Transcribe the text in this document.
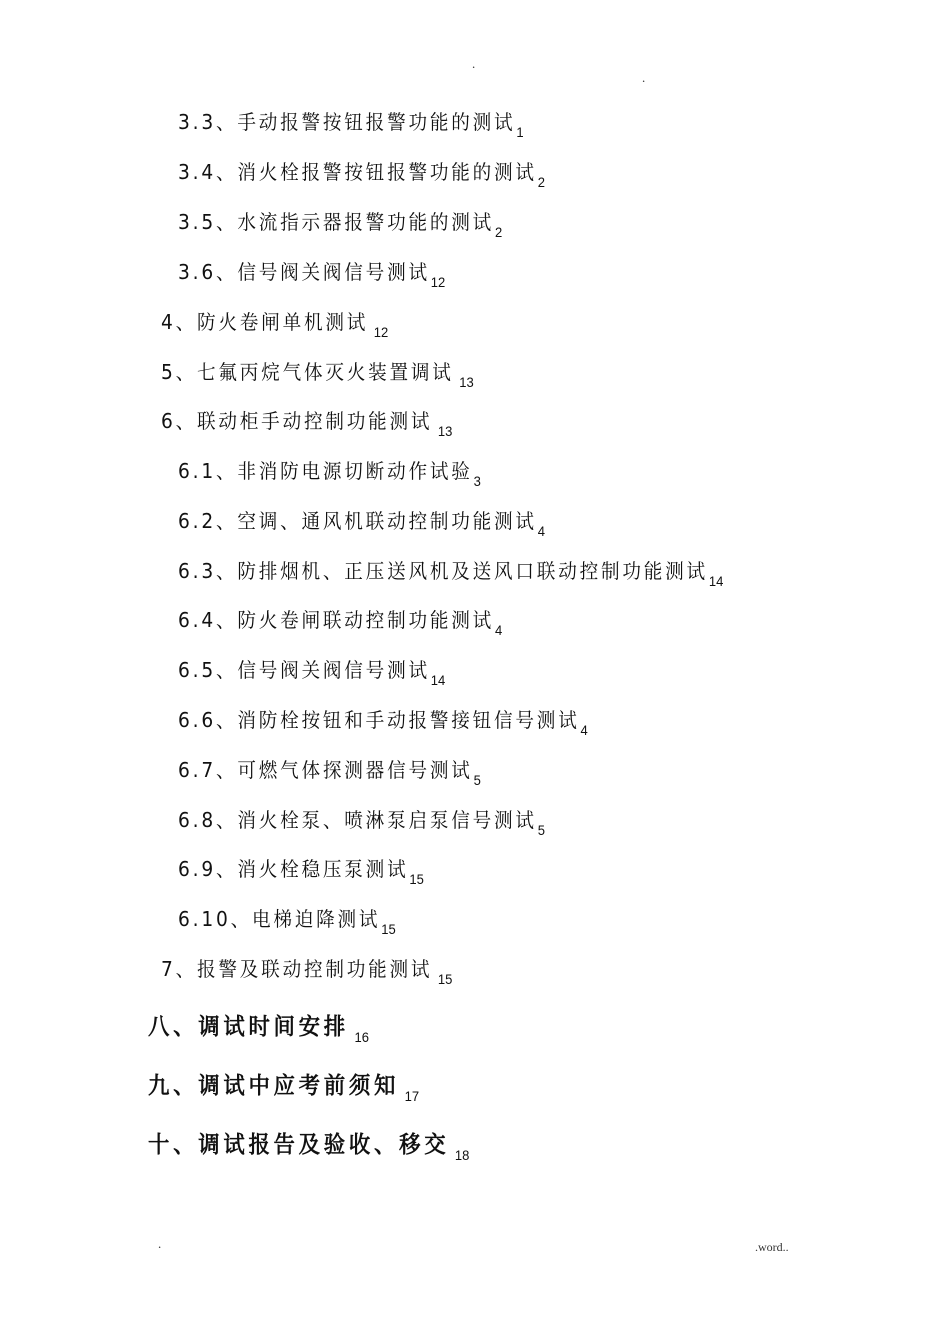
.
.
3.3、手动报警按钮报警功能的测试$_1$
3.4、消火栓报警按钮报警功能的测试$_2$
3.5、水流指示器报警功能的测试$_2$
3.6、信号阀关阀信号测试$_{12}$
4、防火卷闸单机测试 $_{12}$
5、七氟丙烷气体灭火装置调试 $_{13}$
6、联动柜手动控制功能测试 $_{13}$
6.1、非消防电源切断动作试验$_3$
6.2、空调、通风机联动控制功能测试$_4$
6.3、防排烟机、正压送风机及送风口联动控制功能测试$_{14}$
6.4、防火卷闸联动控制功能测试$_4$
6.5、信号阀关阀信号测试$_{14}$
6.6、消防栓按钮和手动报警接钮信号测试$_4$
6.7、可燃气体探测器信号测试$_5$
6.8、消火栓泵、喷淋泵启泵信号测试$_5$
6.9、消火栓稳压泵测试$_{15}$
6.10、电梯迫降测试$_{15}$
7、报警及联动控制功能测试 $_{15}$
八、调试时间安排 $_{16}$
九、调试中应考前须知 $_{17}$
十、调试报告及验收、移交 $_{18}$
.	.word..
